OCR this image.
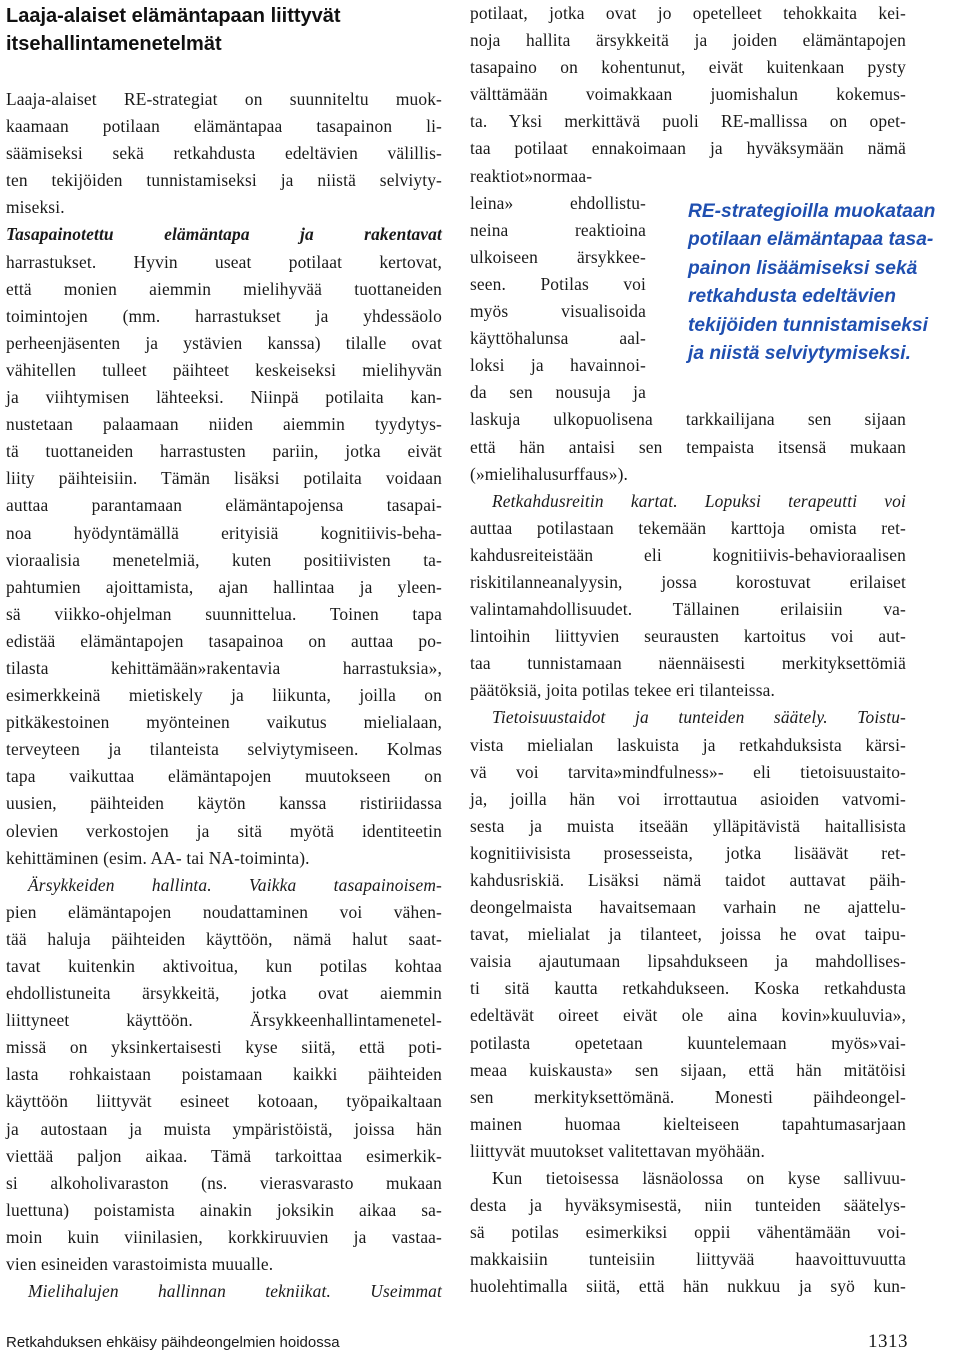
Laaja-alaiset elämäntapaan liittyvät
itsehallintamenetelmät
Laaja-alaiset RE-strategiat on suunniteltu muok-
kaamaan potilaan elämäntapaa tasapainon li-
säämiseksi sekä retkahdusta edeltävien välillis-
ten tekijöiden tunnistamiseksi ja niistä selviyty-
miseksi.
Tasapainotettu elämäntapa ja rakentavat
harrastukset. Hyvin useat potilaat kertovat,
että monien aiemmin mielihyvää tuottaneiden
toimintojen (mm. harrastukset ja yhdessäolo
perheenjäsenten ja ystävien kanssa) tilalle ovat
vähitellen tulleet päihteet keskeiseksi mielihyvän
ja viihtymisen lähteeksi. Niinpä potilaita kan-
nustetaan palaamaan niiden aiemmin tyydytys-
tä tuottaneiden harrastusten pariin, jotka eivät
liity päihteisiin. Tämän lisäksi potilaita voidaan
auttaa parantamaan elämäntapojensa tasapai-
noa hyödyntämällä erityisiä kognitiivis-beha-
vioraalisia menetelmiä, kuten positiivisten ta-
pahtumien ajoittamista, ajan hallintaa ja yleen-
sä viikko-ohjelman suunnittelua. Toinen tapa
edistää elämäntapojen tasapainoa on auttaa po-
tilasta kehittämään»rakentavia harrastuksia»,
esimerkkeinä mietiskely ja liikunta, joilla on
pitkäkestoinen myönteinen vaikutus mielialaan,
terveyteen ja tilanteista selviytymiseen. Kolmas
tapa vaikuttaa elämäntapojen muutokseen on
uusien, päihteiden käytön kanssa ristiriidassa
olevien verkostojen ja sitä myötä identiteetin
kehittäminen (esim. AA- tai NA-toiminta).
Ärsykkeiden hallinta. Vaikka tasapainoisem-
pien elämäntapojen noudattaminen voi vähen-
tää haluja päihteiden käyttöön, nämä halut saat-
tavat kuitenkin aktivoitua, kun potilas kohtaa
ehdollistuneita ärsykkeitä, jotka ovat aiemmin
liittyneet käyttöön. Ärsykkeenhallintamenetel-
missä on yksinkertaisesti kyse siitä, että poti-
lasta rohkaistaan poistamaan kaikki päihteiden
käyttöön liittyvät esineet kotoaan, työpaikaltaan
ja autostaan ja muista ympäristöistä, joissa hän
viettää paljon aikaa. Tämä tarkoittaa esimerkik-
si alkoholivaraston (ns. vierasvarasto mukaan
luettuna) poistamista ainakin joksikin aikaa sa-
moin kuin viinilasien, korkkiruuvien ja vastaa-
vien esineiden varastoimista muualle.
Mielihalujen hallinnan tekniikat. Useimmat
potilaat, jotka ovat jo opetelleet tehokkaita kei-
noja hallita ärsykkeitä ja joiden elämäntapojen
tasapaino on kohentunut, eivät kuitenkaan pysty
välttämään voimakkaan juomishalun kokemus-
ta. Yksi merkittävä puoli RE-mallissa on opet-
taa potilaat ennakoimaan ja hyväksymään nämä
reaktiot»normaa-
leina» ehdollistu-
neina reaktioina
ulkoiseen ärsykkee-
seen. Potilas voi
myös visualisoida
käyttöhalunsa aal-
loksi ja havainnoi-
da sen nousuja ja
laskuja ulkopuolisena tarkkailijana sen sijaan
että hän antaisi sen tempaista itsensä mukaan
(»mielihalusurffaus»).
Retkahdusreitin kartat. Lopuksi terapeutti voi
auttaa potilastaan tekemään karttoja omista ret-
kahdusreiteistään eli kognitiivis-behavioraalisen
riskitilanneanalyysin, jossa korostuvat erilaiset
valintamahdollisuudet. Tällainen erilaisiin va-
lintoihin liittyvien seurausten kartoitus voi aut-
taa tunnistamaan näennäisesti merkityksettömiä
päätöksiä, joita potilas tekee eri tilanteissa.
Tietoisuustaidot ja tunteiden säätely. Toistu-
vista mielialan laskuista ja retkahduksista kärsi-
vä voi tarvita»mindfulness»- eli tietoisuustaito-
ja, joilla hän voi irrottautua asioiden vatvomi-
sesta ja muista itseään ylläpitävistä haitallisista
kognitiivisista prosesseista, jotka lisäävät ret-
kahdusriskiä. Lisäksi nämä taidot auttavat päih-
deongelmaista havaitsemaan varhain ne ajattelu-
tavat, mielialat ja tilanteet, joissa he ovat taipu-
vaisia ajautumaan lipsahdukseen ja mahdollises-
ti sitä kautta retkahdukseen. Koska retkahdusta
edeltävät oireet eivät ole aina kovin»kuuluvia»,
potilasta opetetaan kuuntelemaan myös»vai-
meaa kuiskausta» sen sijaan, että hän mitätöisi
sen merkityksettömänä. Monesti päihdeongel-
mainen huomaa kielteiseen tapahtumasarjaan
liittyvät muutokset valitettavan myöhään.
Kun tietoisessa läsnäolossa on kyse sallivuu-
desta ja hyväksymisestä, niin tunteiden säätelys-
sä potilas esimerkiksi oppii vähentämään voi-
makkaisiin tunteisiin liittyvää haavoittuvuutta
huolehtimalla siitä, että hän nukkuu ja syö kun-
RE-strategioilla muokataan
potilaan elämäntapaa tasa-
painon lisäämiseksi sekä
retkahdusta edeltävien
tekijöiden tunnistamiseksi
ja niistä selviytymiseksi.
Retkahduksen ehkäisy päihdeongelmien hoidossa	1313
